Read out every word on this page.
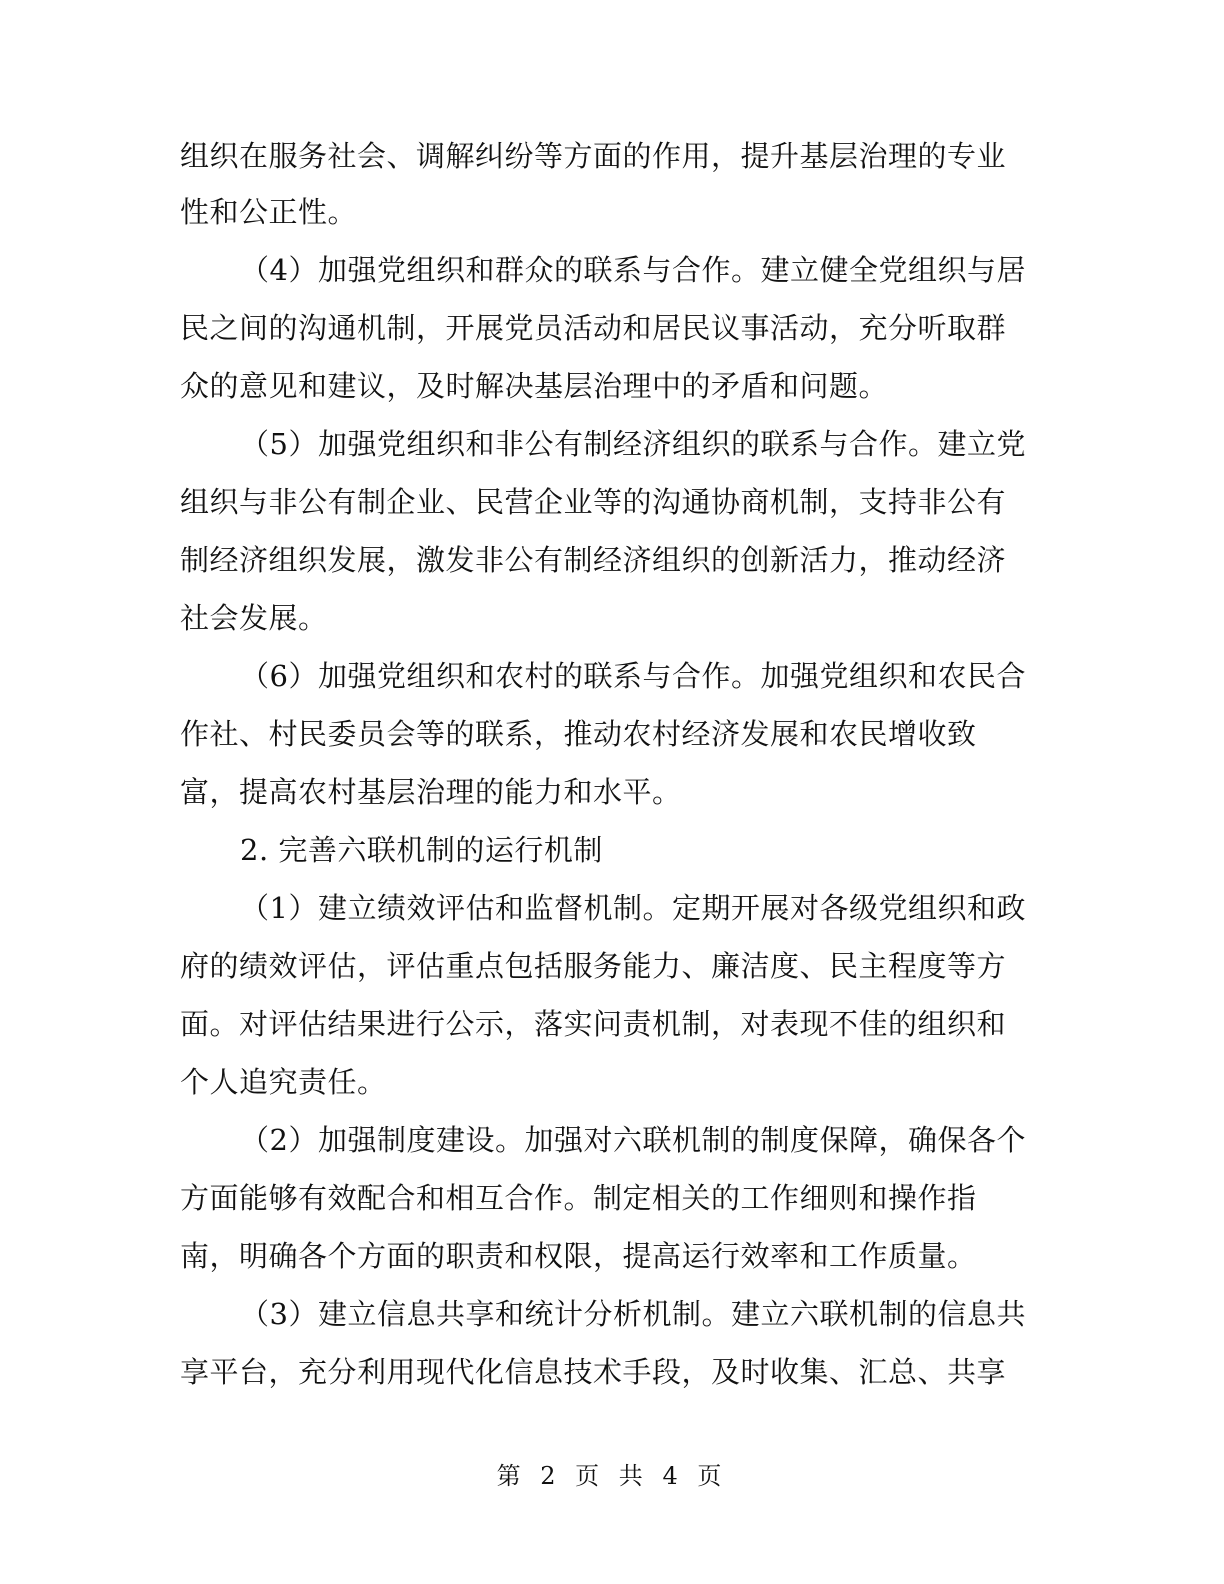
组织在服务社会、调解纠纷等方面的作用，提升基层治理的专业
性和公正性。
（4）加强党组织和群众的联系与合作。建立健全党组织与居
民之间的沟通机制，开展党员活动和居民议事活动，充分听取群
众的意见和建议，及时解决基层治理中的矛盾和问题。
（5）加强党组织和非公有制经济组织的联系与合作。建立党
组织与非公有制企业、民营企业等的沟通协商机制，支持非公有
制经济组织发展，激发非公有制经济组织的创新活力，推动经济
社会发展。
（6）加强党组织和农村的联系与合作。加强党组织和农民合
作社、村民委员会等的联系，推动农村经济发展和农民增收致
富，提高农村基层治理的能力和水平。
2. 完善六联机制的运行机制
（1）建立绩效评估和监督机制。定期开展对各级党组织和政
府的绩效评估，评估重点包括服务能力、廉洁度、民主程度等方
面。对评估结果进行公示，落实问责机制，对表现不佳的组织和
个人追究责任。
（2）加强制度建设。加强对六联机制的制度保障，确保各个
方面能够有效配合和相互合作。制定相关的工作细则和操作指
南，明确各个方面的职责和权限，提高运行效率和工作质量。
（3）建立信息共享和统计分析机制。建立六联机制的信息共
享平台，充分利用现代化信息技术手段，及时收集、汇总、共享
第 2 页 共 4 页
